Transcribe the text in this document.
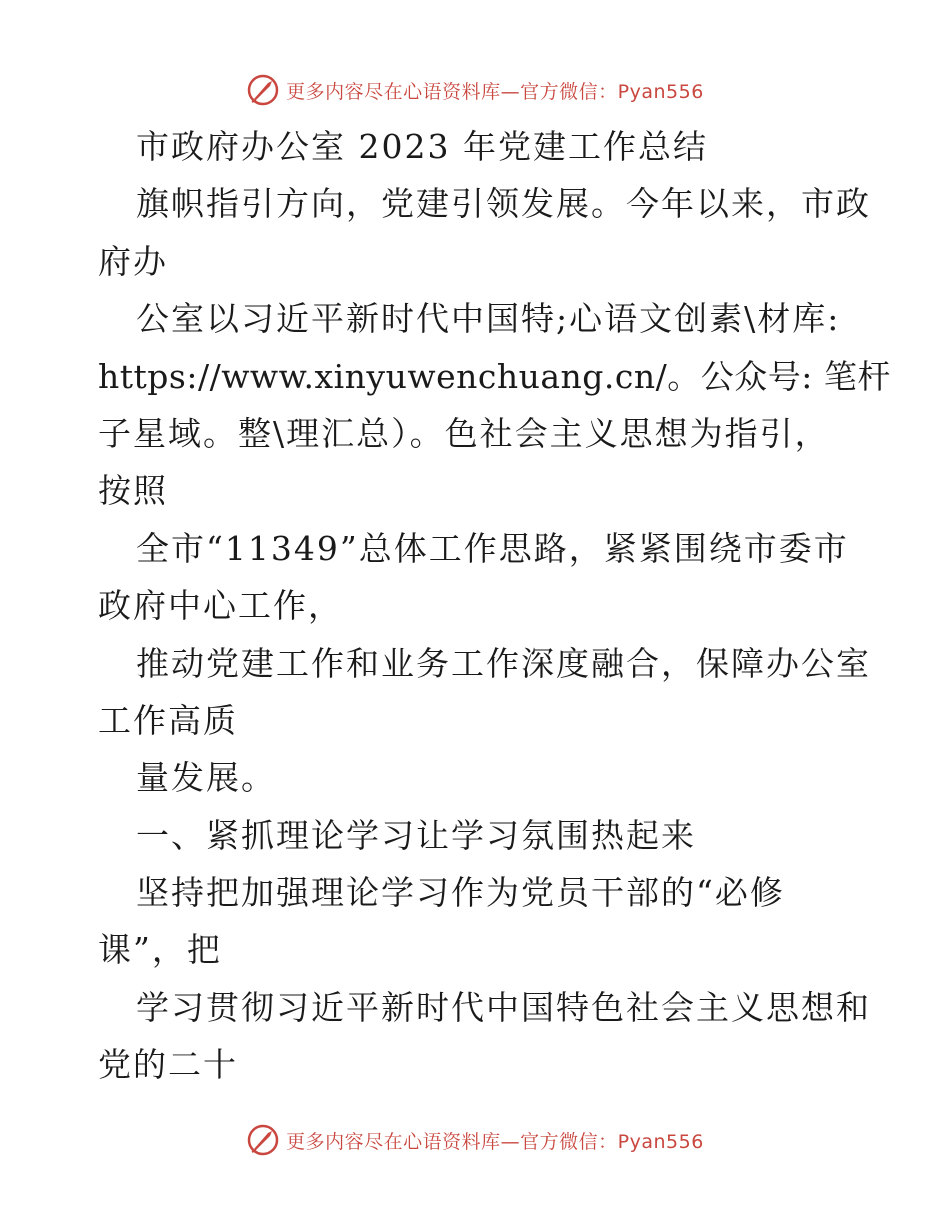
更多内容尽在心语资料库—官方微信：Pyan556
市政府办公室 2023 年党建工作总结
旗帜指引方向，党建引领发展。今年以来，市政
府办
公室以习近平新时代中国特;心语文创素\材库:
https://www.xinyuwenchuang.cn/。公众号: 笔杆
子星域。整\理汇总）。色社会主义思想为指引，
按照
全市“11349”总体工作思路，紧紧围绕市委市
政府中心工作，
推动党建工作和业务工作深度融合，保障办公室
工作高质
量发展。
一、紧抓理论学习让学习氛围热起来
坚持把加强理论学习作为党员干部的“必修
课”，把
学习贯彻习近平新时代中国特色社会主义思想和
党的二十
更多内容尽在心语资料库—官方微信：Pyan556
